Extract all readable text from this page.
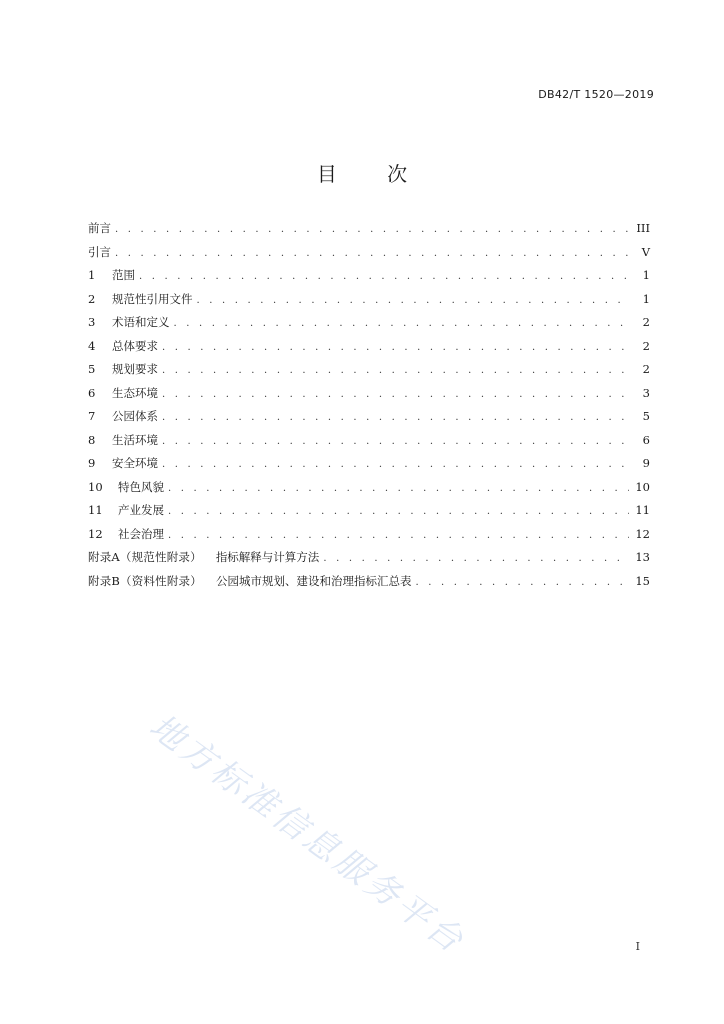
DB42/T 1520—2019
目 次
前言 . . .	III
引言 . . .	V
1	范围 . . .	1
2	规范性引用文件 . . .	1
3	术语和定义 . . .	2
4	总体要求 . . .	2
5	规划要求 . . .	2
6	生态环境 . . .	3
7	公园体系 . . .	5
8	生活环境 . . .	6
9	安全环境 . . .	9
10	特色风貌 . . .	10
11	产业发展 . . .	11
12	社会治理 . . .	12
附录A（规范性附录）	指标解释与计算方法 . . .	13
附录B（资料性附录）	公园城市规划、建设和治理指标汇总表 . . .	15
地方标准信息服务平台	I
